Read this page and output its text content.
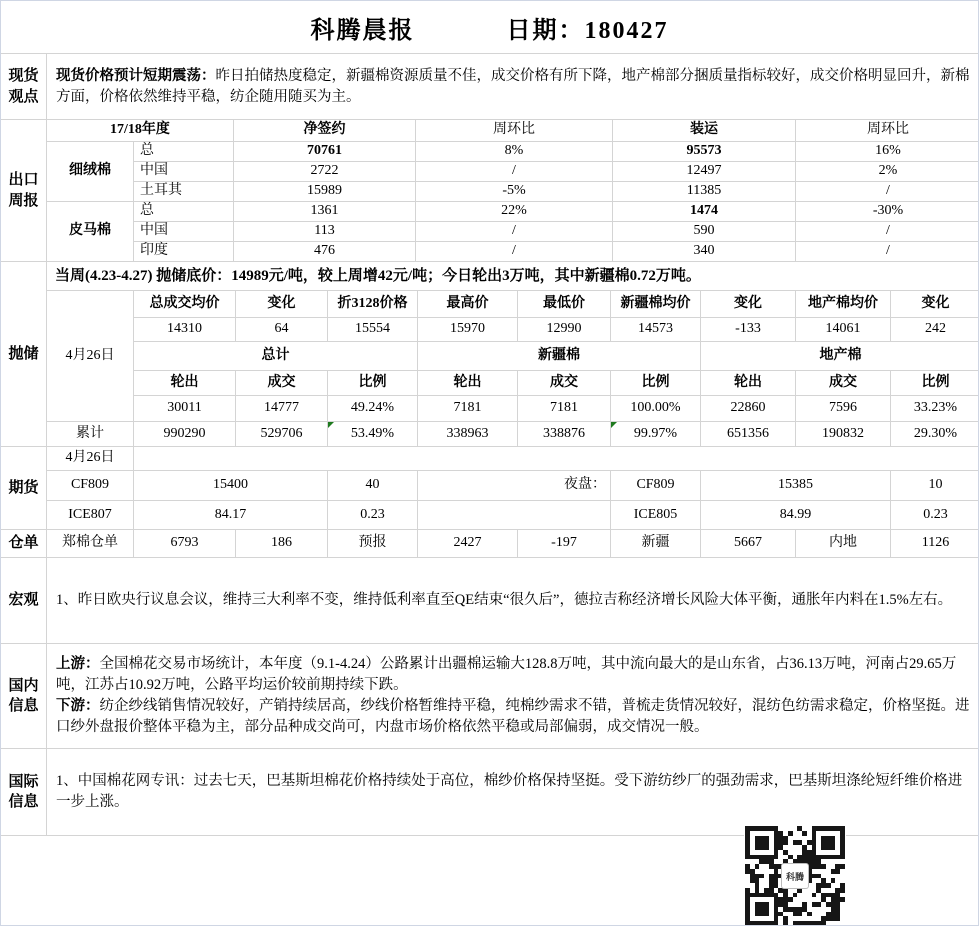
科腾晨报	日期：180427
现货观点
现货价格预计短期震荡：昨日拍储热度稳定，新疆棉资源质量不佳，成交价格有所下降，地产棉部分捆质量指标较好，成交价格明显回升，新棉方面，价格依然维持平稳，纺企随用随买为主。
出口周报
17/18年度	净签约	周环比	装运	周环比
细绒棉
总	70761	8%	95573	16%
中国	2722	/	12497	2%
土耳其	15989	-5%	11385	/
皮马棉
总	1361	22%	1474	-30%
中国	113	/	590	/
印度	476	/	340	/
抛储
当周(4.23-4.27) 抛储底价：14989元/吨，较上周增42元/吨；今日轮出3万吨，其中新疆棉0.72万吨。
4月26日
总成交均价	变化	折3128价格	最高价	最低价	新疆棉均价	变化	地产棉均价	变化
14310	64	15554	15970	12990	14573	-133	14061	242
总计	新疆棉	地产棉
轮出	成交	比例	轮出	成交	比例	轮出	成交	比例
30011	14777	49.24%	7181	7181	100.00%	22860	7596	33.23%
累计	990290	529706	53.49%	338963	338876	99.97%	651356	190832	29.30%
期货
4月26日
CF809	15400	40	夜盘：	CF809	15385	10
ICE807	84.17	0.23	ICE805	84.99	0.23
仓单	郑棉仓单	6793	186	预报	2427	-197	新疆	5667	内地	1126
宏观	1、昨日欧央行议息会议，维持三大利率不变，维持低利率直至QE结束“很久后”，德拉吉称经济增长风险大体平衡，通胀年内料在1.5%左右。
国内信息
上游：全国棉花交易市场统计，本年度（9.1-4.24）公路累计出疆棉运输大128.8万吨，其中流向最大的是山东省，占36.13万吨，河南占29.65万吨，江苏占10.92万吨，公路平均运价较前期持续下跌。
下游：纺企纱线销售情况较好，产销持续居高，纱线价格暂维持平稳，纯棉纱需求不错，普梳走货情况较好，混纺色纺需求稳定，价格坚挺。进口纱外盘报价整体平稳为主，部分品种成交尚可，内盘市场价格依然平稳或局部偏弱，成交情况一般。
国际信息
1、中国棉花网专讯：过去七天，巴基斯坦棉花价格持续处于高位，棉纱价格保持坚挺。受下游纺纱厂的强劲需求，巴基斯坦涤纶短纤维价格进一步上涨。
科腾
